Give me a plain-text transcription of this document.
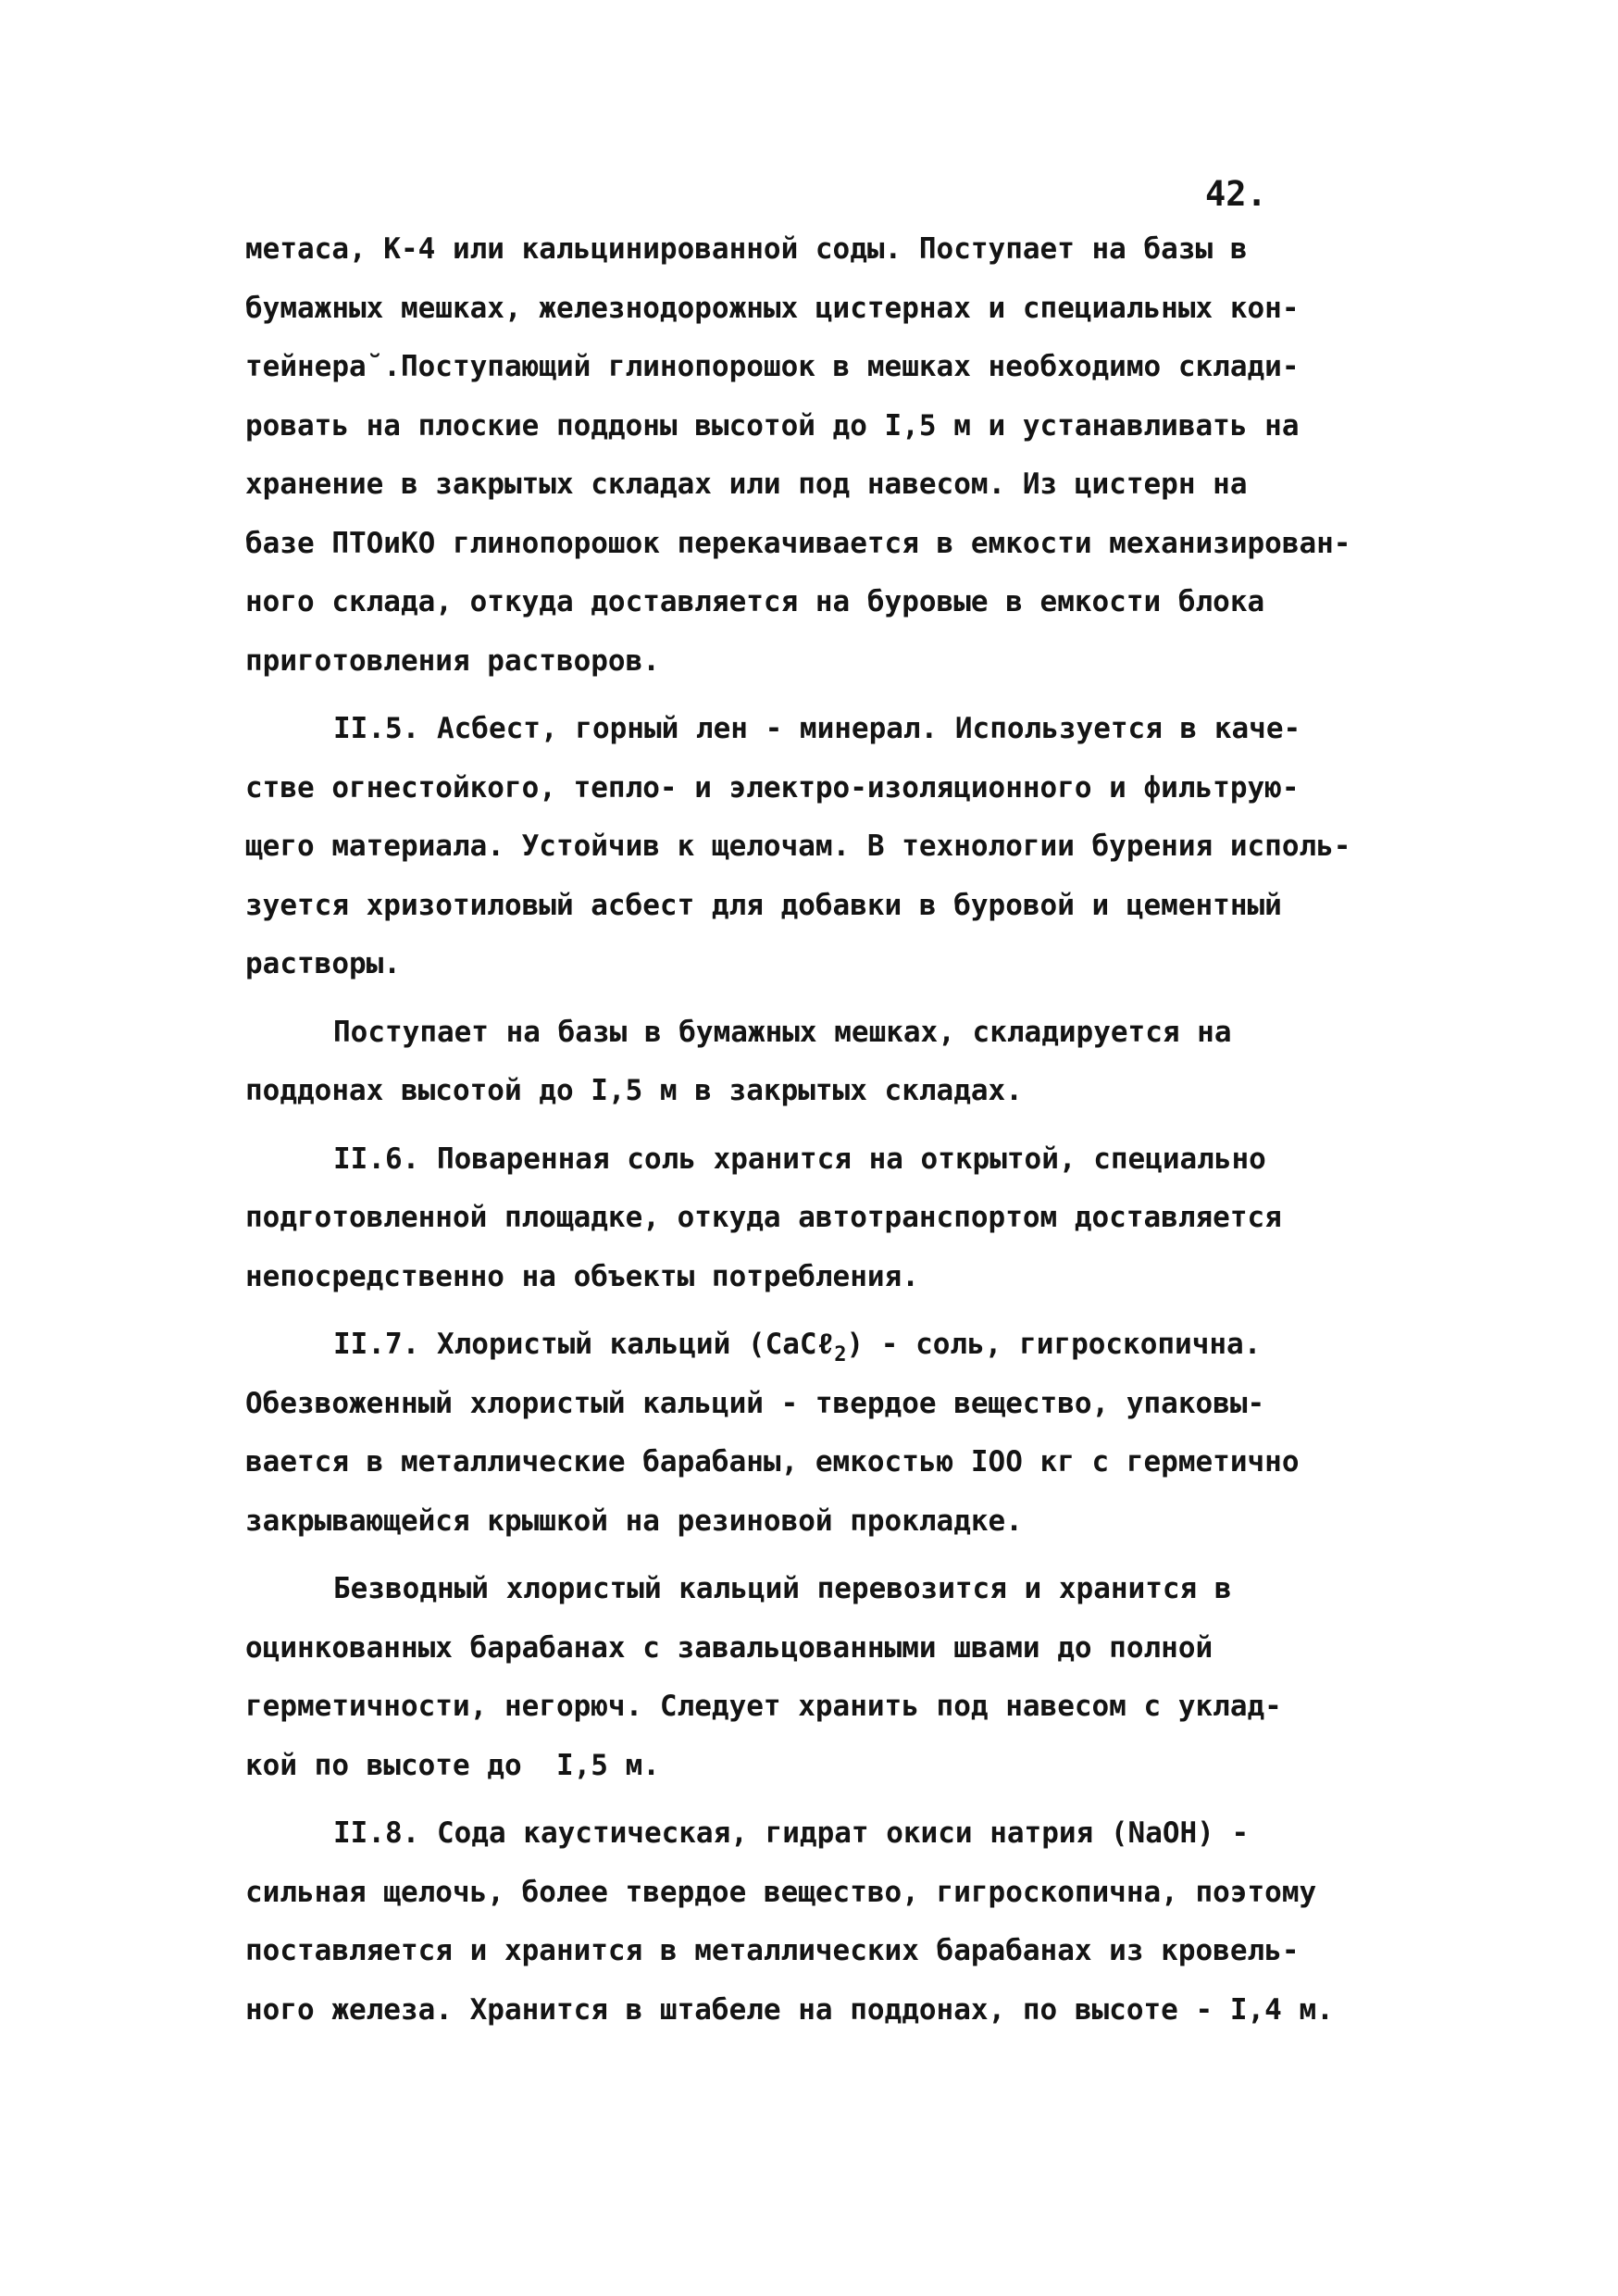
42.
метаса, К-4 или кальцинированной соды. Поступает на базы в
бумажных мешках, железнодорожных цистернах и специальных кон-
тейнера˘.Поступающий глинопорошок в мешках необходимо склади-
ровать на плоские поддоны высотой до I,5 м и устанавливать на
хранение в закрытых складах или под навесом. Из цистерн на
базе ПТОиКО глинопорошок перекачивается в емкости механизирован-
ного склада, откуда доставляется на буровые в емкости блока
приготовления растворов.
II.5. Асбест, горный лен - минерал. Используется в каче-
стве огнестойкого, тепло- и электро-изоляционного и фильтрую-
щего материала. Устойчив к щелочам. В технологии бурения исполь-
зуется хризотиловый асбест для добавки в буровой и цементный
растворы.
Поступает на базы в бумажных мешках, складируется на
поддонах высотой до I,5 м в закрытых складах.
II.6. Поваренная соль хранится на открытой, специально
подготовленной площадке, откуда автотранспортом доставляется
непосредственно на объекты потребления.
II.7. Хлористый кальций (CaCℓ$_2$) - соль, гигроскопична.
Обезвоженный хлористый кальций - твердое вещество, упаковы-
вается в металлические барабаны, емкостью IОО кг с герметично
закрывающейся крышкой на резиновой прокладке.
Безводный хлористый кальций перевозится и хранится в
оцинкованных барабанах с завальцованными швами до полной
герметичности, негорюч. Следует хранить под навесом с уклад-
кой по высоте до  I,5 м.
II.8. Сода каустическая, гидрат окиси натрия (NaOH) -
сильная щелочь, более твердое вещество, гигроскопична, поэтому
поставляется и хранится в металлических барабанах из кровель-
ного железа. Хранится в штабеле на поддонах, по высоте - I,4 м.
